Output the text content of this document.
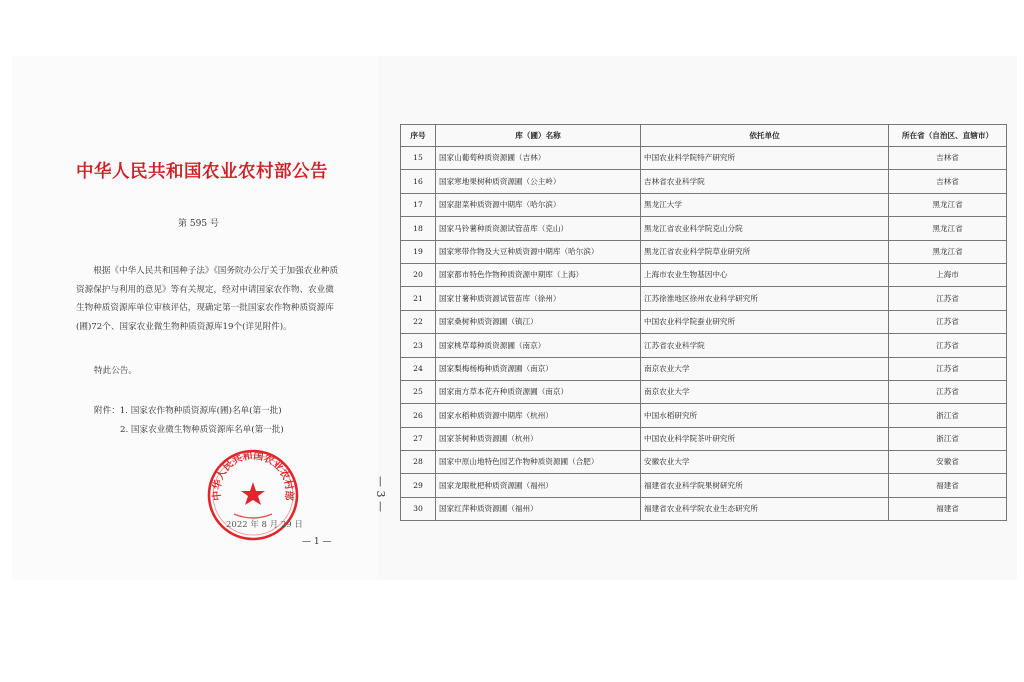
中华人民共和国农业农村部公告
第 595 号

根据《中华人民共和国种子法》《国务院办公厅关于加强农业种质资源保护与利用的意见》等有关规定，经对申请国家农作物、农业微生物种质资源库单位审核评估，现确定第一批国家农作物种质资源库(圃)72个、国家农业微生物种质资源库19个(详见附件)。

特此公告。
附件：1. 国家农作物种质资源库(圃)名单(第一批)
2. 国家农业微生物种质资源库名单(第一批)
中华人民共和国农业农村部
2022 年 8 月 29 日
— 1 —
— 3 —
序号	库（圃）名称	依托单位	所在省（自治区、直辖市）
15	国家山葡萄种质资源圃（吉林）	中国农业科学院特产研究所	吉林省
16	国家寒地果树种质资源圃（公主岭）	吉林省农业科学院	吉林省
17	国家甜菜种质资源中期库（哈尔滨）	黑龙江大学	黑龙江省
18	国家马铃薯种质资源试管苗库（克山）	黑龙江省农业科学院克山分院	黑龙江省
19	国家寒带作物及大豆种质资源中期库（哈尔滨）	黑龙江省农业科学院草业研究所	黑龙江省
20	国家都市特色作物种质资源中期库（上海）	上海市农业生物基因中心	上海市
21	国家甘薯种质资源试管苗库（徐州）	江苏徐淮地区徐州农业科学研究所	江苏省
22	国家桑树种质资源圃（镇江）	中国农业科学院蚕业研究所	江苏省
23	国家桃草莓种质资源圃（南京）	江苏省农业科学院	江苏省
24	国家梨梅杨梅种质资源圃（南京）	南京农业大学	江苏省
25	国家南方草本花卉种质资源圃（南京）	南京农业大学	江苏省
26	国家水稻种质资源中期库（杭州）	中国水稻研究所	浙江省
27	国家茶树种质资源圃（杭州）	中国农业科学院茶叶研究所	浙江省
28	国家中原山地特色园艺作物种质资源圃（合肥）	安徽农业大学	安徽省
29	国家龙眼枇杷种质资源圃（福州）	福建省农业科学院果树研究所	福建省
30	国家红萍种质资源圃（福州）	福建省农业科学院农业生态研究所	福建省
